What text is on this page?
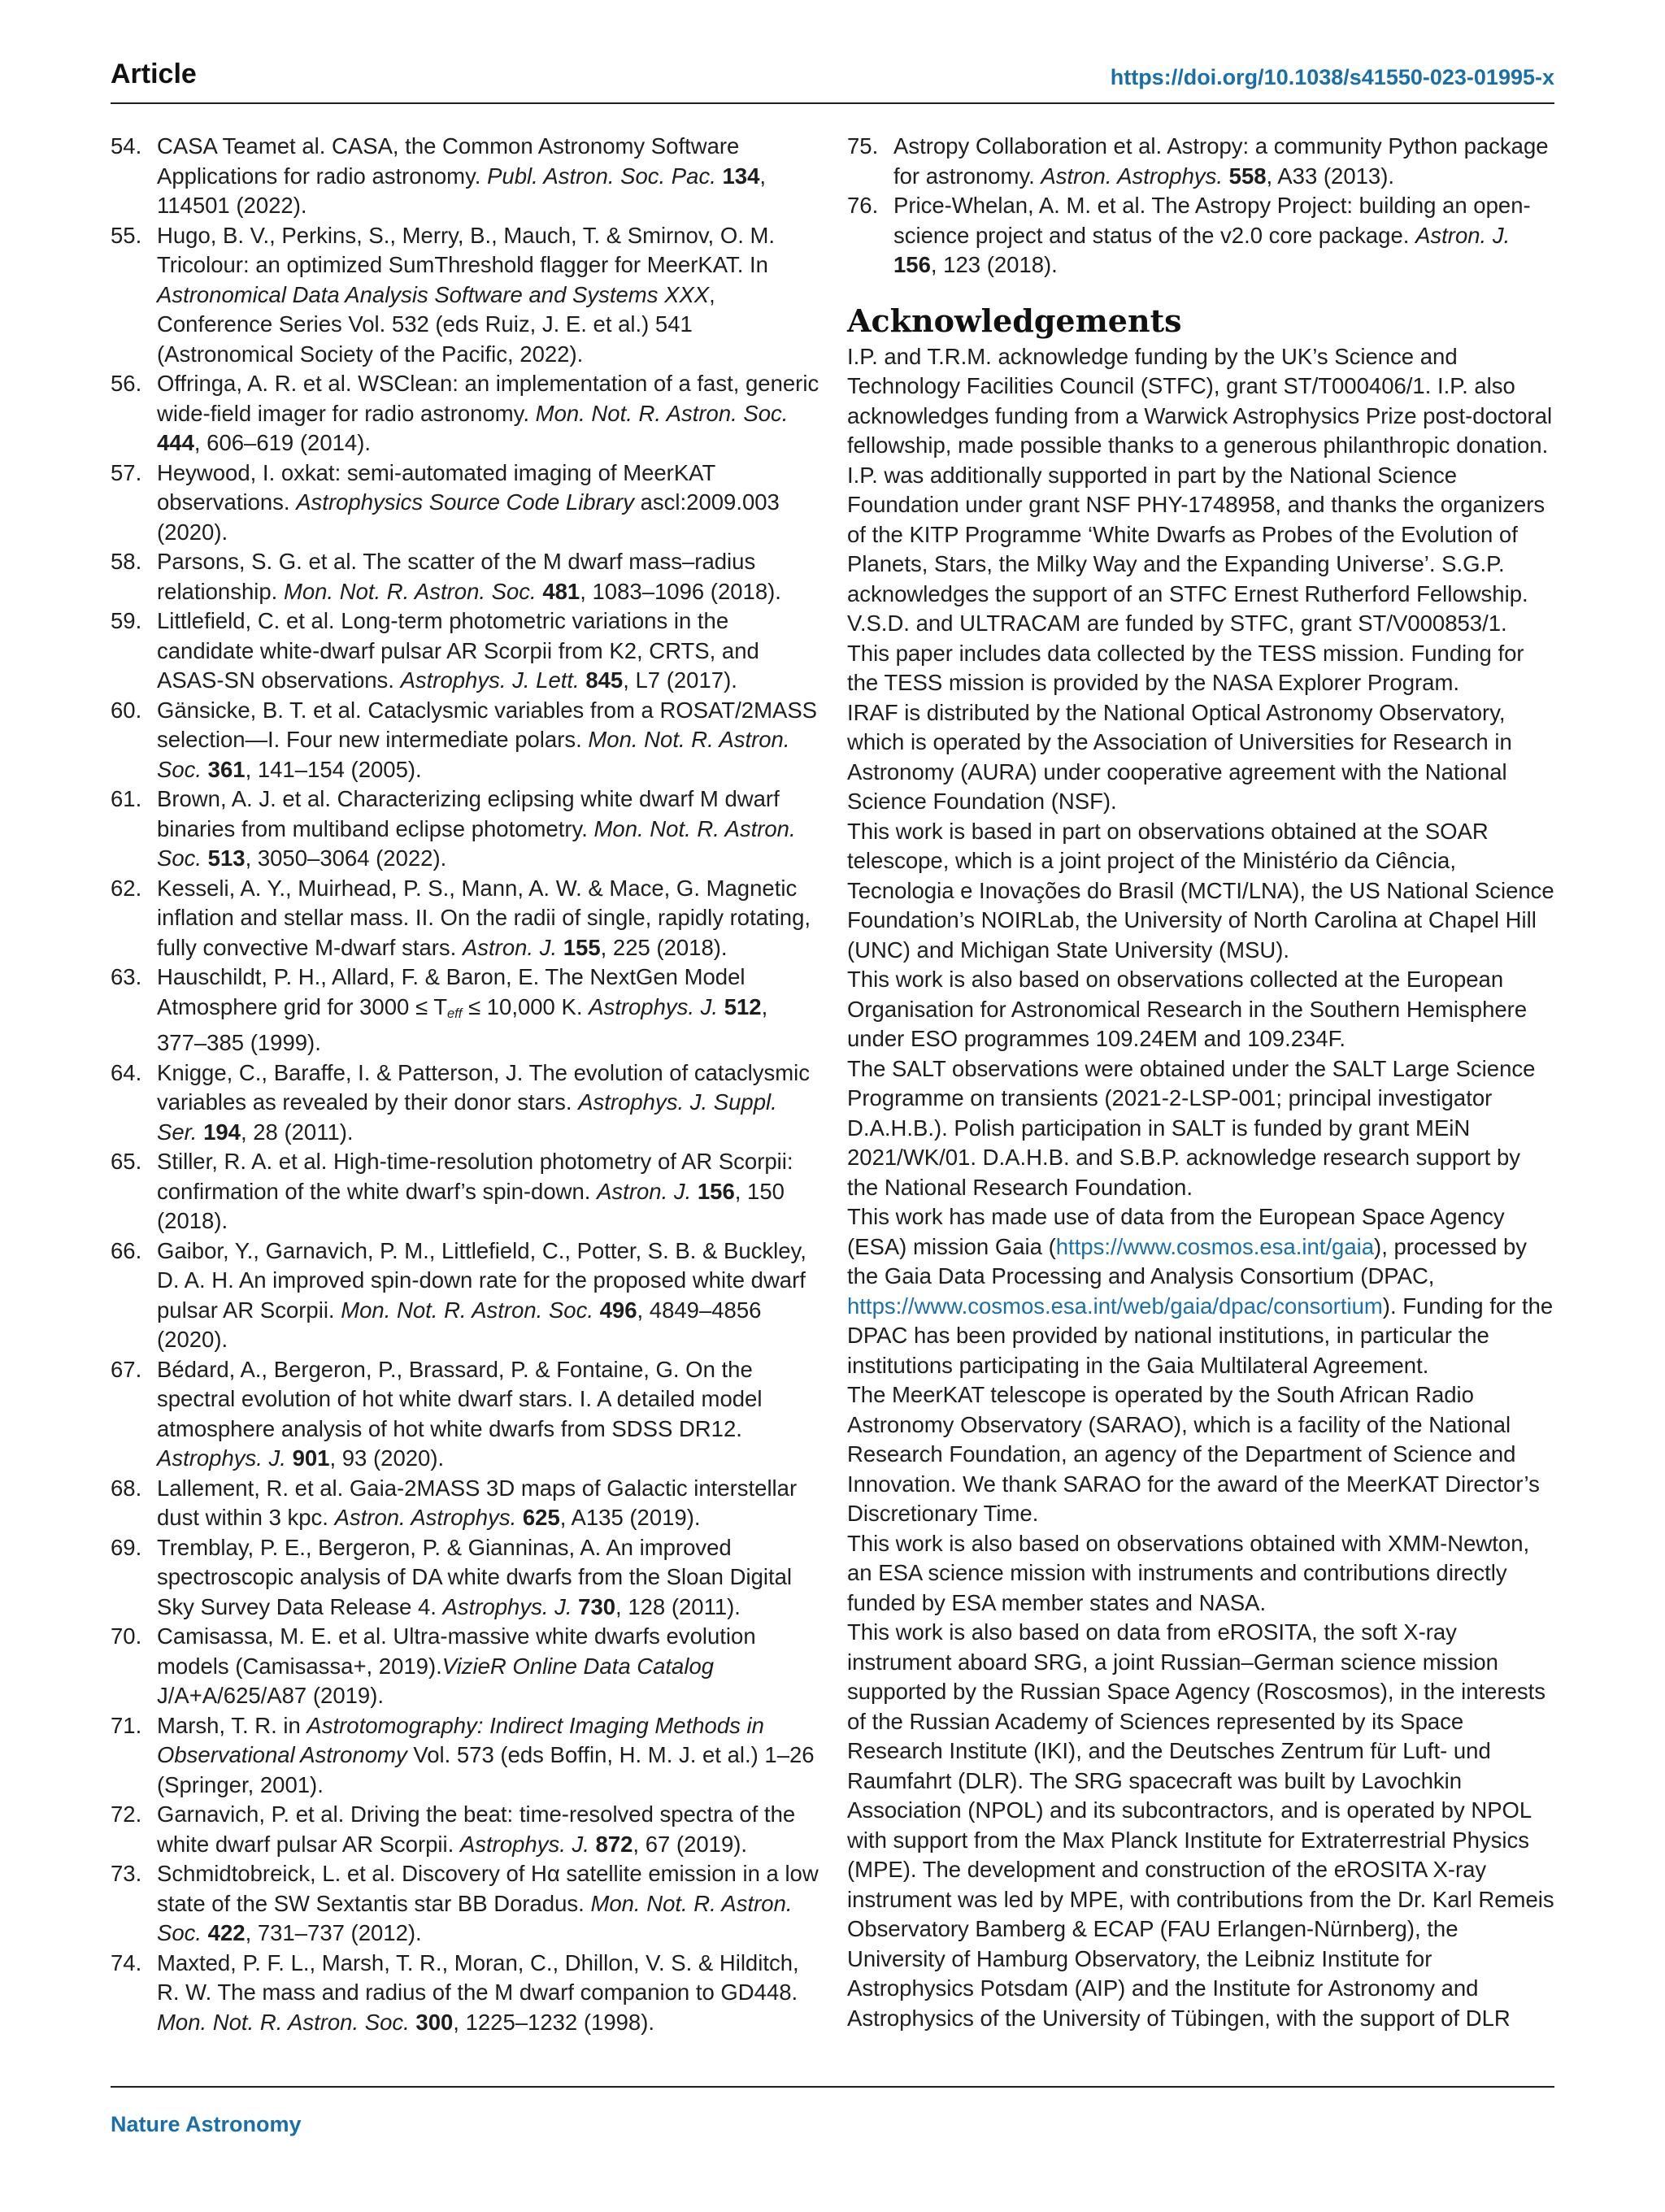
Article	https://doi.org/10.1038/s41550-023-01995-x
54. CASA Teamet al. CASA, the Common Astronomy Software Applications for radio astronomy. Publ. Astron. Soc. Pac. 134, 114501 (2022).
55. Hugo, B. V., Perkins, S., Merry, B., Mauch, T. & Smirnov, O. M. Tricolour: an optimized SumThreshold flagger for MeerKAT. In Astronomical Data Analysis Software and Systems XXX, Conference Series Vol. 532 (eds Ruiz, J. E. et al.) 541 (Astronomical Society of the Pacific, 2022).
56. Offringa, A. R. et al. WSClean: an implementation of a fast, generic wide-field imager for radio astronomy. Mon. Not. R. Astron. Soc. 444, 606–619 (2014).
57. Heywood, I. oxkat: semi-automated imaging of MeerKAT observations. Astrophysics Source Code Library ascl:2009.003 (2020).
58. Parsons, S. G. et al. The scatter of the M dwarf mass–radius relationship. Mon. Not. R. Astron. Soc. 481, 1083–1096 (2018).
59. Littlefield, C. et al. Long-term photometric variations in the candidate white-dwarf pulsar AR Scorpii from K2, CRTS, and ASAS-SN observations. Astrophys. J. Lett. 845, L7 (2017).
60. Gänsicke, B. T. et al. Cataclysmic variables from a ROSAT/2MASS selection—I. Four new intermediate polars. Mon. Not. R. Astron. Soc. 361, 141–154 (2005).
61. Brown, A. J. et al. Characterizing eclipsing white dwarf M dwarf binaries from multiband eclipse photometry. Mon. Not. R. Astron. Soc. 513, 3050–3064 (2022).
62. Kesseli, A. Y., Muirhead, P. S., Mann, A. W. & Mace, G. Magnetic inflation and stellar mass. II. On the radii of single, rapidly rotating, fully convective M-dwarf stars. Astron. J. 155, 225 (2018).
63. Hauschildt, P. H., Allard, F. & Baron, E. The NextGen Model Atmosphere grid for $3000 \le T_{eff} \le 10,000$ K. Astrophys. J. 512, 377–385 (1999).
64. Knigge, C., Baraffe, I. & Patterson, J. The evolution of cataclysmic variables as revealed by their donor stars. Astrophys. J. Suppl. Ser. 194, 28 (2011).
65. Stiller, R. A. et al. High-time-resolution photometry of AR Scorpii: confirmation of the white dwarf’s spin-down. Astron. J. 156, 150 (2018).
66. Gaibor, Y., Garnavich, P. M., Littlefield, C., Potter, S. B. & Buckley, D. A. H. An improved spin-down rate for the proposed white dwarf pulsar AR Scorpii. Mon. Not. R. Astron. Soc. 496, 4849–4856 (2020).
67. Bédard, A., Bergeron, P., Brassard, P. & Fontaine, G. On the spectral evolution of hot white dwarf stars. I. A detailed model atmosphere analysis of hot white dwarfs from SDSS DR12. Astrophys. J. 901, 93 (2020).
68. Lallement, R. et al. Gaia-2MASS 3D maps of Galactic interstellar dust within 3 kpc. Astron. Astrophys. 625, A135 (2019).
69. Tremblay, P. E., Bergeron, P. & Gianninas, A. An improved spectroscopic analysis of DA white dwarfs from the Sloan Digital Sky Survey Data Release 4. Astrophys. J. 730, 128 (2011).
70. Camisassa, M. E. et al. Ultra-massive white dwarfs evolution models (Camisassa+, 2019).VizieR Online Data Catalog J/A+A/625/A87 (2019).
71. Marsh, T. R. in Astrotomography: Indirect Imaging Methods in Observational Astronomy Vol. 573 (eds Boffin, H. M. J. et al.) 1–26 (Springer, 2001).
72. Garnavich, P. et al. Driving the beat: time-resolved spectra of the white dwarf pulsar AR Scorpii. Astrophys. J. 872, 67 (2019).
73. Schmidtobreick, L. et al. Discovery of Hα satellite emission in a low state of the SW Sextantis star BB Doradus. Mon. Not. R. Astron. Soc. 422, 731–737 (2012).
74. Maxted, P. F. L., Marsh, T. R., Moran, C., Dhillon, V. S. & Hilditch, R. W. The mass and radius of the M dwarf companion to GD448. Mon. Not. R. Astron. Soc. 300, 1225–1232 (1998).
75. Astropy Collaboration et al. Astropy: a community Python package for astronomy. Astron. Astrophys. 558, A33 (2013).
76. Price-Whelan, A. M. et al. The Astropy Project: building an open-science project and status of the v2.0 core package. Astron. J. 156, 123 (2018).
Acknowledgements

I.P. and T.R.M. acknowledge funding by the UK’s Science and Technology Facilities Council (STFC), grant ST/T000406/1. I.P. also acknowledges funding from a Warwick Astrophysics Prize post-doctoral fellowship, made possible thanks to a generous philanthropic donation. I.P. was additionally supported in part by the National Science Foundation under grant NSF PHY-1748958, and thanks the organizers of the KITP Programme ‘White Dwarfs as Probes of the Evolution of Planets, Stars, the Milky Way and the Expanding Universe’. S.G.P. acknowledges the support of an STFC Ernest Rutherford Fellowship. V.S.D. and ULTRACAM are funded by STFC, grant ST/V000853/1.

This paper includes data collected by the TESS mission. Funding for the TESS mission is provided by the NASA Explorer Program.

IRAF is distributed by the National Optical Astronomy Observatory, which is operated by the Association of Universities for Research in Astronomy (AURA) under cooperative agreement with the National Science Foundation (NSF).

This work is based in part on observations obtained at the SOAR telescope, which is a joint project of the Ministério da Ciência, Tecnologia e Inovações do Brasil (MCTI/LNA), the US National Science Foundation’s NOIRLab, the University of North Carolina at Chapel Hill (UNC) and Michigan State University (MSU).

This work is also based on observations collected at the European Organisation for Astronomical Research in the Southern Hemisphere under ESO programmes 109.24EM and 109.234F.

The SALT observations were obtained under the SALT Large Science Programme on transients (2021-2-LSP-001; principal investigator D.A.H.B.). Polish participation in SALT is funded by grant MEiN 2021/WK/01. D.A.H.B. and S.B.P. acknowledge research support by the National Research Foundation.

This work has made use of data from the European Space Agency (ESA) mission Gaia (https://www.cosmos.esa.int/gaia), processed by the Gaia Data Processing and Analysis Consortium (DPAC, https://www.cosmos.esa.int/web/gaia/dpac/consortium). Funding for the DPAC has been provided by national institutions, in particular the institutions participating in the Gaia Multilateral Agreement.

The MeerKAT telescope is operated by the South African Radio Astronomy Observatory (SARAO), which is a facility of the National Research Foundation, an agency of the Department of Science and Innovation. We thank SARAO for the award of the MeerKAT Director’s Discretionary Time.

This work is also based on observations obtained with XMM-Newton, an ESA science mission with instruments and contributions directly funded by ESA member states and NASA.

This work is also based on data from eROSITA, the soft X-ray instrument aboard SRG, a joint Russian–German science mission supported by the Russian Space Agency (Roscosmos), in the interests of the Russian Academy of Sciences represented by its Space Research Institute (IKI), and the Deutsches Zentrum für Luft- und Raumfahrt (DLR). The SRG spacecraft was built by Lavochkin Association (NPOL) and its subcontractors, and is operated by NPOL with support from the Max Planck Institute for Extraterrestrial Physics (MPE). The development and construction of the eROSITA X-ray instrument was led by MPE, with contributions from the Dr. Karl Remeis Observatory Bamberg & ECAP (FAU Erlangen-Nürnberg), the University of Hamburg Observatory, the Leibniz Institute for Astrophysics Potsdam (AIP) and the Institute for Astronomy and Astrophysics of the University of Tübingen, with the support of DLR

Nature Astronomy
